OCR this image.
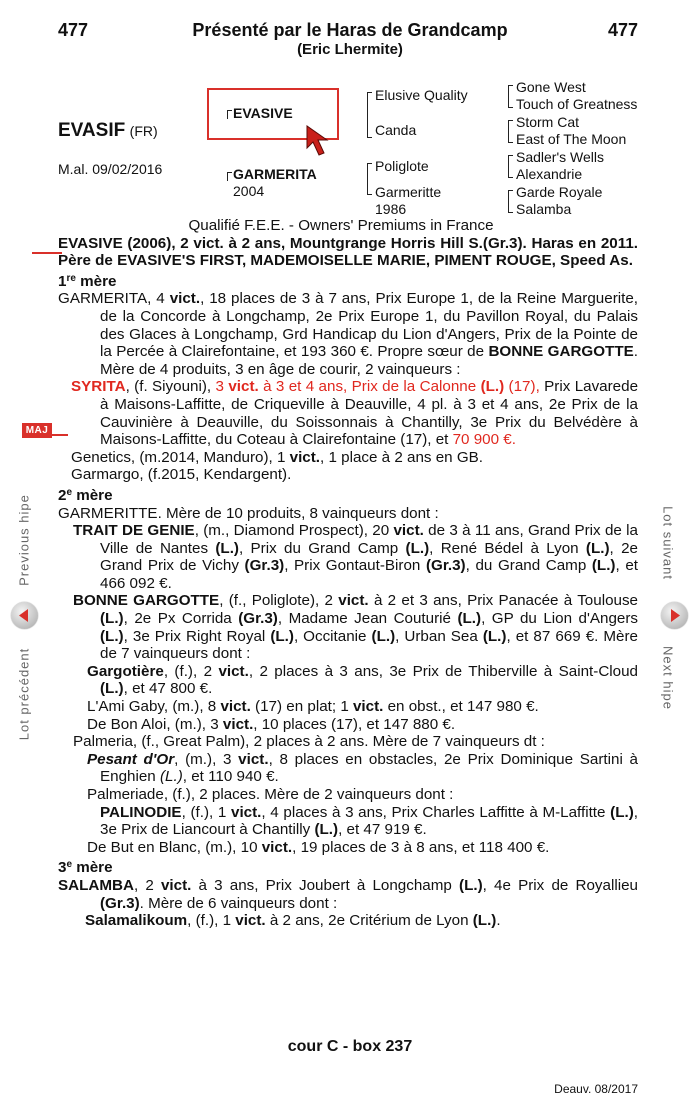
477	Présenté par le Haras de Grandcamp	477
(Eric Lhermite)
EVASIF (FR)
M.al. 09/02/2016
EVASIVE
GARMERITA
2004
Elusive Quality
Canda
Poliglote
Garmeritte
1986
Gone West
Touch of Greatness
Storm Cat
East of The Moon
Sadler's Wells
Alexandrie
Garde Royale
Salamba
MAJ

Qualifié F.E.E. - Owners' Premiums in France

EVASIVE (2006), 2 vict. à 2 ans, Mountgrange Horris Hill S.(Gr.3). Haras en 2011. Père de EVASIVE'S FIRST, MADEMOISELLE MARIE, PIMENT ROUGE, Speed As.

1re mère

GARMERITA, 4 vict., 18 places de 3 à 7 ans, Prix Europe 1, de la Reine Marguerite, de la Concorde à Longchamp, 2e Prix Europe 1, du Pavillon Royal, du Palais des Glaces à Longchamp, Grd Handicap du Lion d'Angers, Prix de la Pointe de la Percée à Clairefontaine, et 193 360 €. Propre sœur de BONNE GARGOTTE. Mère de 4 produits, 3 en âge de courir, 2 vainqueurs :

SYRITA, (f. Siyouni), 3 vict. à 3 et 4 ans, Prix de la Calonne (L.) (17), Prix Lavarede à Maisons-Laffitte, de Criqueville à Deauville, 4 pl. à 3 et 4 ans, 2e Prix de la Cauvinière à Deauville, du Soissonnais à Chantilly, 3e Prix du Belvédère à Maisons-Laffitte, du Coteau à Clairefontaine (17), et 70 900 €.

Genetics, (m.2014, Manduro), 1 vict., 1 place à 2 ans en GB.

Garmargo, (f.2015, Kendargent).

2e mère

GARMERITTE. Mère de 10 produits, 8 vainqueurs dont :

TRAIT DE GENIE, (m., Diamond Prospect), 20 vict. de 3 à 11 ans, Grand Prix de la Ville de Nantes (L.), Prix du Grand Camp (L.), René Bédel à Lyon (L.), 2e Grand Prix de Vichy (Gr.3), Prix Gontaut-Biron (Gr.3), du Grand Camp (L.), et 466 092 €.

BONNE GARGOTTE, (f., Poliglote), 2 vict. à 2 et 3 ans, Prix Panacée à Toulouse (L.), 2e Px Corrida (Gr.3), Madame Jean Couturié (L.), GP du Lion d'Angers (L.), 3e Prix Right Royal (L.), Occitanie (L.), Urban Sea (L.), et 87 669 €. Mère de 7 vainqueurs dont :

Gargotière, (f.), 2 vict., 2 places à 3 ans, 3e Prix de Thiberville à Saint-Cloud (L.), et 47 800 €.

L'Ami Gaby, (m.), 8 vict. (17) en plat; 1 vict. en obst., et 147 980 €.

De Bon Aloi, (m.), 3 vict., 10 places (17), et 147 880 €.

Palmeria, (f., Great Palm), 2 places à 2 ans. Mère de 7 vainqueurs dt :

Pesant d'Or, (m.), 3 vict., 8 places en obstacles, 2e Prix Dominique Sartini à Enghien (L.), et 110 940 €.

Palmeriade, (f.), 2 places. Mère de 2 vainqueurs dont :

PALINODIE, (f.), 1 vict., 4 places à 3 ans, Prix Charles Laffitte à M-Laffitte (L.), 3e Prix de Liancourt à Chantilly (L.), et 47 919 €.

De But en Blanc, (m.), 10 vict., 19 places de 3 à 8 ans, et 118 400 €.

3e mère

SALAMBA, 2 vict. à 3 ans, Prix Joubert à Longchamp (L.), 4e Prix de Royallieu (Gr.3). Mère de 6 vainqueurs dont :

Salamalikoum, (f.), 1 vict. à 2 ans, 2e Critérium de Lyon (L.).

Previous hipe
Lot précédent
Lot suivant
Next hipe
cour C - box 237
Deauv. 08/2017
